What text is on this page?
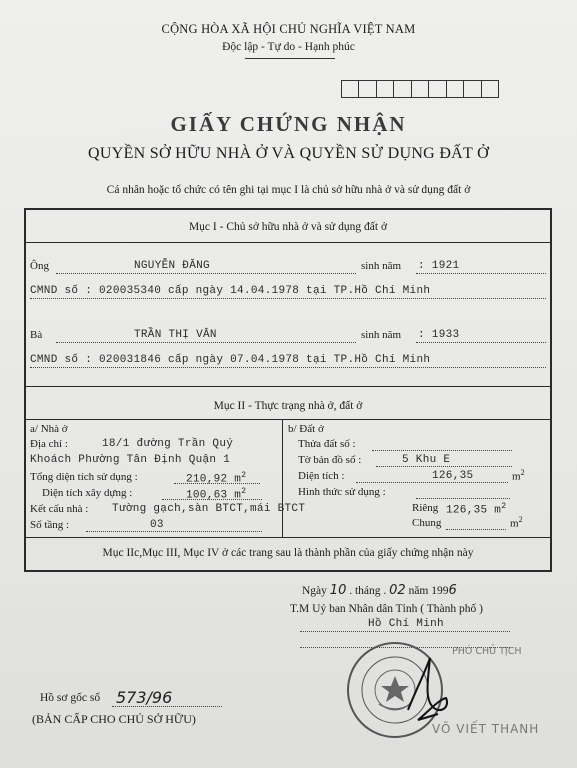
CỘNG HÒA XÃ HỘI CHỦ NGHĨA VIỆT NAM
Độc lập - Tự do - Hạnh phúc
GIẤY CHỨNG NHẬN
QUYỀN SỞ HỮU NHÀ Ở VÀ QUYỀN SỬ DỤNG ĐẤT Ở
Cá nhân hoặc tổ chức có tên ghi tại mục I là chủ sở hữu nhà ở và sử dụng đất ở
Mục I - Chủ sở hữu nhà ở và sử dụng đất ở
Ông	NGUYỄN ĐĂNG	sinh năm : 1921
CMND số : 020035340 cấp ngày 14.04.1978 tại TP.Hồ Chí Minh
Bà	TRẦN THỊ VÂN	sinh năm : 1933
CMND số : 020031846 cấp ngày 07.04.1978 tại TP.Hồ Chí Minh
Mục II - Thực trạng nhà ở, đất ở
a/ Nhà ở
Địa chỉ :	18/1 đường Trần Quý
Khoách Phường Tân Định Quận 1
Tổng diện tích sử dụng :	210,92 $m^2$
Diện tích xây dựng :	100,63 $m^2$
Kết cấu nhà : Tường gạch,sàn BTCT,mái BTCT
Số tầng :	03
b/ Đất ở
Thửa đất số :
Tờ bản đồ số :	5 Khu E
Diện tích :	126,35	$m^2$
Hình thức sử dụng :
Riêng 126,35 $m^2$
Chung	$m^2$
Mục IIc,Mục III, Mục IV ở các trang sau là thành phần của giấy chứng nhận này
Ngày 10 . tháng . 02 năm 1996
T.M Uỷ ban Nhân dân Tỉnh ( Thành phố )
Hồ Chí Minh
PHÓ CHỦ TỊCH
VÕ VIẾT THANH
Hồ sơ gốc số 573/96
(BẢN CẤP CHO CHỦ SỞ HỮU)
